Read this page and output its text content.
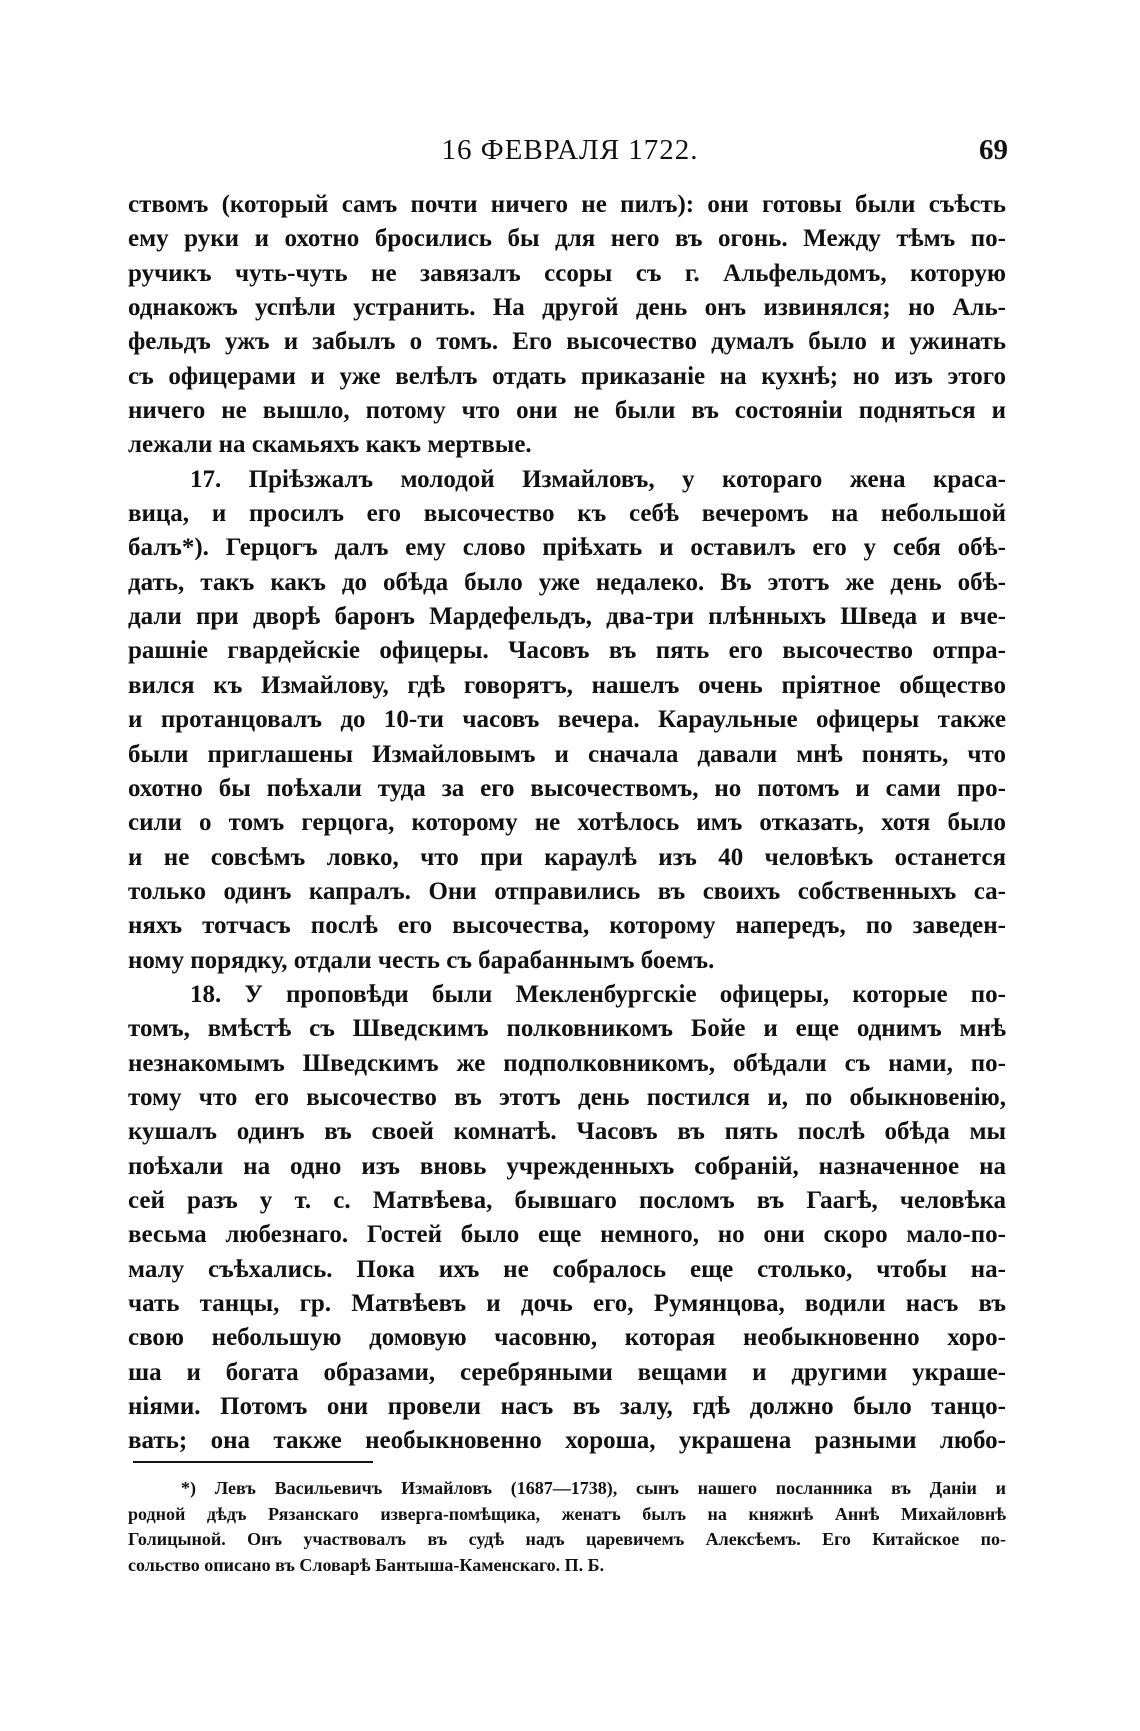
16 ФЕВРАЛЯ 1722.	69
ствомъ (который самъ почти ничего не пилъ): они готовы были съѣсть
ему руки и охотно бросились бы для него въ огонь. Между тѣмъ по-
ручикъ чуть-чуть не завязалъ ссоры съ г. Альфельдомъ, которую
однакожъ успѣли устранить. На другой день онъ извинялся; но Аль-
фельдъ ужъ и забылъ о томъ. Его высочество думалъ было и ужинать
съ офицерами и уже велѣлъ отдать приказаніе на кухнѣ; но изъ этого
ничего не вышло, потому что они не были въ состояніи подняться и
лежали на скамьяхъ какъ мертвые.
17. Пріѣзжалъ молодой Измайловъ, у котораго жена краса-
вица, и просилъ его высочество къ себѣ вечеромъ на небольшой
балъ*). Герцогъ далъ ему слово пріѣхать и оставилъ его у себя обѣ-
дать, такъ какъ до обѣда было уже недалеко. Въ этотъ же день обѣ-
дали при дворѣ баронъ Мардефельдъ, два-три плѣнныхъ Шведа и вче-
рашніе гвардейскіе офицеры. Часовъ въ пять его высочество отпра-
вился къ Измайлову, гдѣ говорятъ, нашелъ очень пріятное общество
и протанцовалъ до 10-ти часовъ вечера. Караульные офицеры также
были приглашены Измайловымъ и сначала давали мнѣ понять, что
охотно бы поѣхали туда за его высочествомъ, но потомъ и сами про-
сили о томъ герцога, которому не хотѣлось имъ отказать, хотя было
и не совсѣмъ ловко, что при караулѣ изъ 40 человѣкъ останется
только одинъ капралъ. Они отправились въ своихъ собственныхъ са-
няхъ тотчасъ послѣ его высочества, которому напередъ, по заведен-
ному порядку, отдали честь съ барабаннымъ боемъ.
18. У проповѣди были Мекленбургскіе офицеры, которые по-
томъ, вмѣстѣ съ Шведскимъ полковникомъ Бойе и еще однимъ мнѣ
незнакомымъ Шведскимъ же подполковникомъ, обѣдали съ нами, по-
тому что его высочество въ этотъ день постился и, по обыкновенію,
кушалъ одинъ въ своей комнатѣ. Часовъ въ пять послѣ обѣда мы
поѣхали на одно изъ вновь учрежденныхъ собраній, назначенное на
сей разъ у т. с. Матвѣева, бывшаго посломъ въ Гаагѣ, человѣка
весьма любезнаго. Гостей было еще немного, но они скоро мало-по-
малу съѣхались. Пока ихъ не собралось еще столько, чтобы на-
чать танцы, гр. Матвѣевъ и дочь его, Румянцова, водили насъ въ
свою небольшую домовую часовню, которая необыкновенно хоро-
ша и богата образами, серебряными вещами и другими украше-
ніями. Потомъ они провели насъ въ залу, гдѣ должно было танцо-
вать; она также необыкновенно хороша, украшена разными любо-
*) Левъ Васильевичъ Измайловъ (1687—1738), сынъ нашего посланника въ Даніи и
родной дѣдъ Рязанскаго изверга-помѣщика, женатъ былъ на княжнѣ Аннѣ Михайловнѣ
Голицыной. Онъ участвовалъ въ судѣ надъ царевичемъ Алексѣемъ. Его Китайское по-
сольство описано въ Словарѣ Бантыша-Каменскаго. П. Б.
